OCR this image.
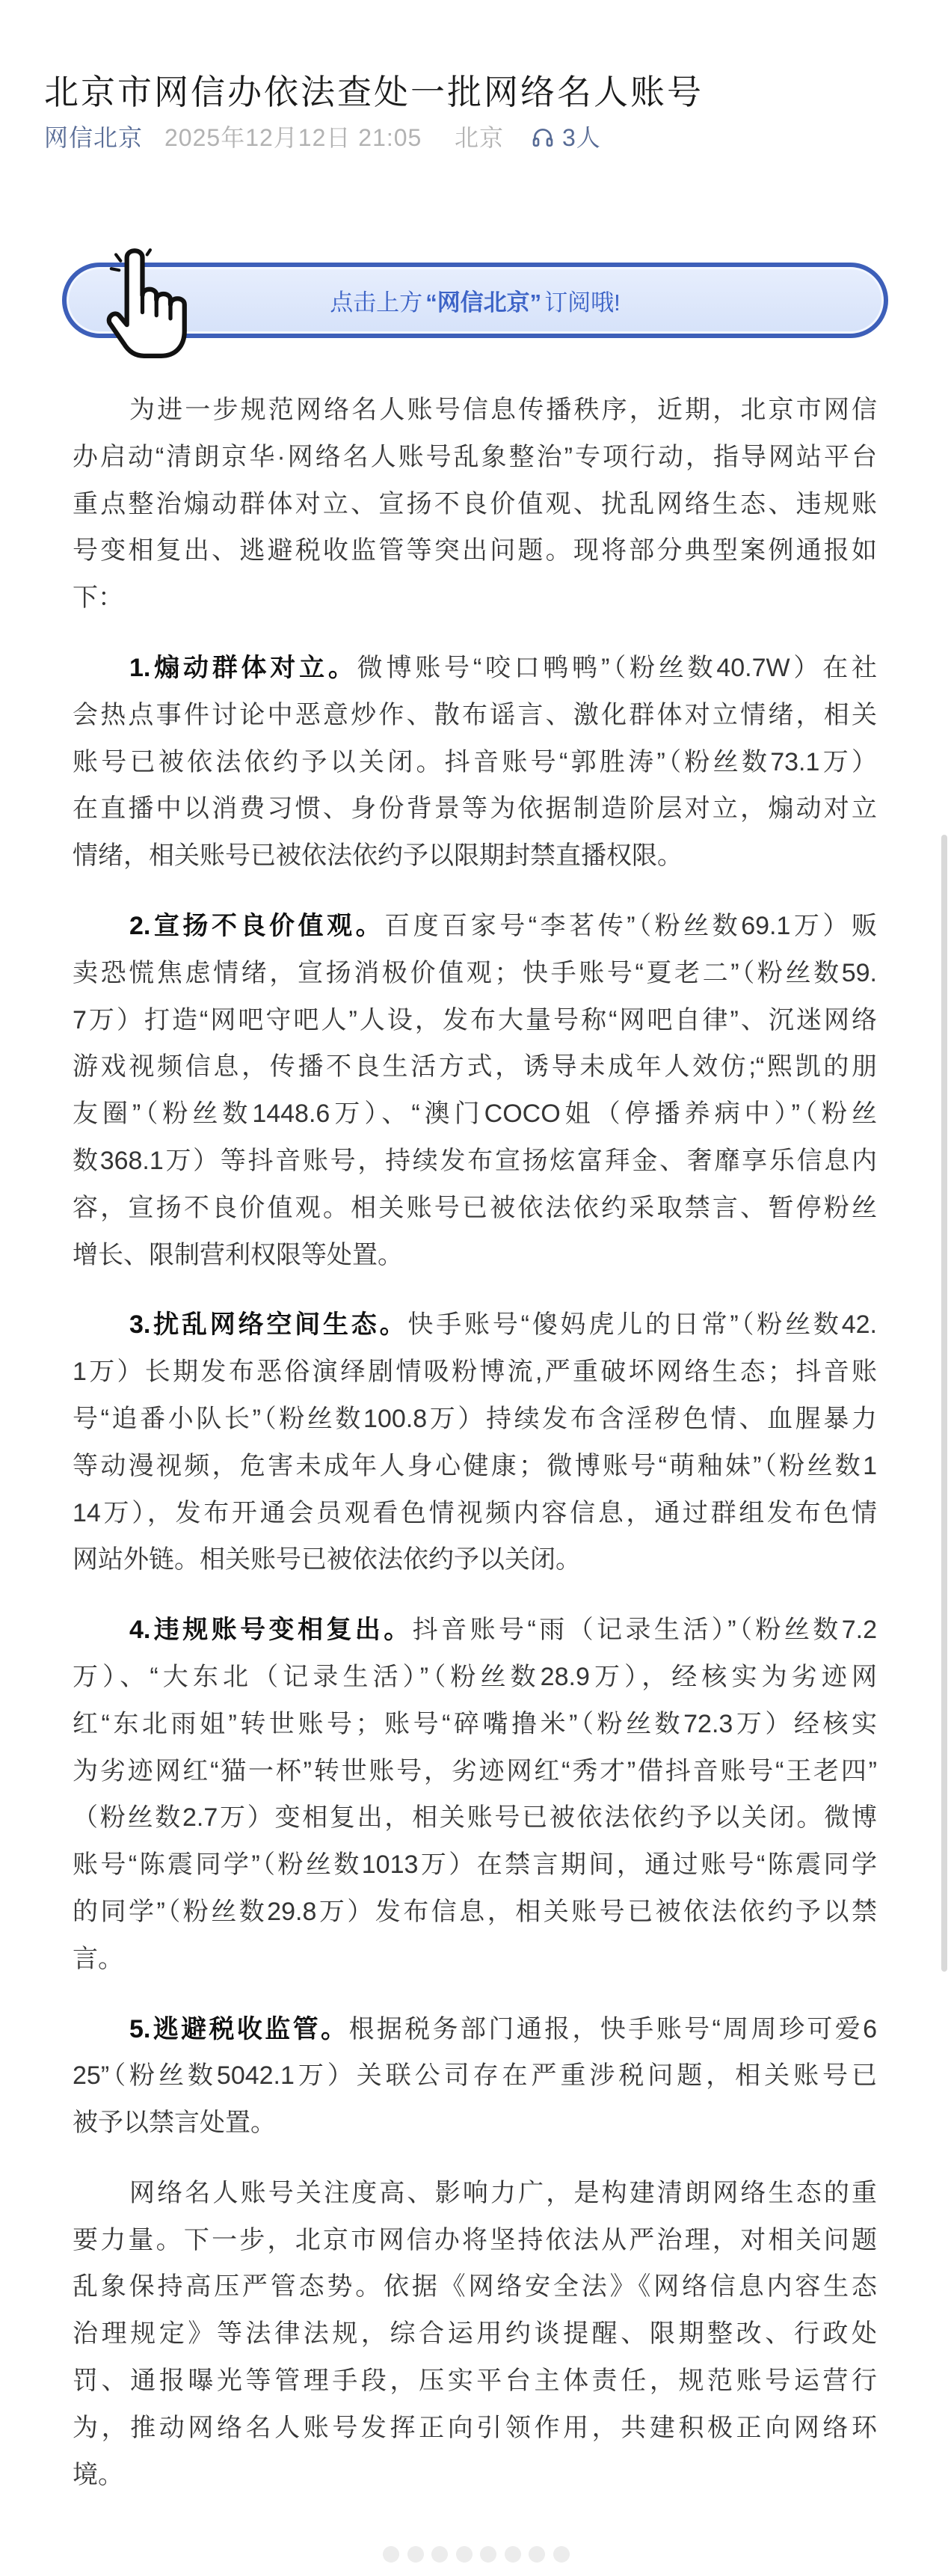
北京市网信办依法查处一批网络名人账号
网信北京 2025年12月12日 21:05 北京 3人
点击上方 “网信北京” 订阅哦!
为进一步规范网络名人账号信息传播秩序，近期，北京市网信
办启动“清朗京华·网络名人账号乱象整治”专项行动，指导网站平台
重点整治煽动群体对立、宣扬不良价值观、扰乱网络生态、违规账
号变相复出、逃避税收监管等突出问题。现将部分典型案例通报如
下：
1.煽动群体对立。微博账号“咬口鸭鸭”（粉丝数40.7W）在社
会热点事件讨论中恶意炒作、散布谣言、激化群体对立情绪，相关
账号已被依法依约予以关闭。抖音账号“郭胜涛”（粉丝数73.1万）
在直播中以消费习惯、身份背景等为依据制造阶层对立，煽动对立
情绪，相关账号已被依法依约予以限期封禁直播权限。
2.宣扬不良价值观。百度百家号“李茗传”（粉丝数69.1万）贩
卖恐慌焦虑情绪，宣扬消极价值观；快手账号“夏老二”（粉丝数59.
7万）打造“网吧守吧人”人设，发布大量号称“网吧自律”、沉迷网络
游戏视频信息，传播不良生活方式，诱导未成年人效仿;“熙凯的朋
友圈”（粉丝数1448.6万）、“澳门COCO姐（停播养病中）”（粉丝
数368.1万）等抖音账号，持续发布宣扬炫富拜金、奢靡享乐信息内
容，宣扬不良价值观。相关账号已被依法依约采取禁言、暂停粉丝
增长、限制营利权限等处置。
3.扰乱网络空间生态。快手账号“傻妈虎儿的日常”（粉丝数42.
1万）长期发布恶俗演绎剧情吸粉博流,严重破坏网络生态；抖音账
号“追番小队长”（粉丝数100.8万）持续发布含淫秽色情、血腥暴力
等动漫视频，危害未成年人身心健康；微博账号“萌釉妹”（粉丝数1
14万），发布开通会员观看色情视频内容信息，通过群组发布色情
网站外链。相关账号已被依法依约予以关闭。
4.违规账号变相复出。抖音账号“雨（记录生活）”（粉丝数7.2
万）、“大东北（记录生活）”（粉丝数28.9万），经核实为劣迹网
红“东北雨姐”转世账号；账号“碎嘴撸米”（粉丝数72.3万）经核实
为劣迹网红“猫一杯”转世账号，劣迹网红“秀才”借抖音账号“王老四”
（粉丝数2.7万）变相复出，相关账号已被依法依约予以关闭。微博
账号“陈震同学”（粉丝数1013万）在禁言期间，通过账号“陈震同学
的同学”（粉丝数29.8万）发布信息，相关账号已被依法依约予以禁
言。
5.逃避税收监管。根据税务部门通报，快手账号“周周珍可爱6
25”（粉丝数5042.1万）关联公司存在严重涉税问题，相关账号已
被予以禁言处置。
网络名人账号关注度高、影响力广，是构建清朗网络生态的重
要力量。下一步，北京市网信办将坚持依法从严治理，对相关问题
乱象保持高压严管态势。依据《网络安全法》《网络信息内容生态
治理规定》等法律法规，综合运用约谈提醒、限期整改、行政处
罚、通报曝光等管理手段，压实平台主体责任，规范账号运营行
为，推动网络名人账号发挥正向引领作用，共建积极正向网络环
境。
